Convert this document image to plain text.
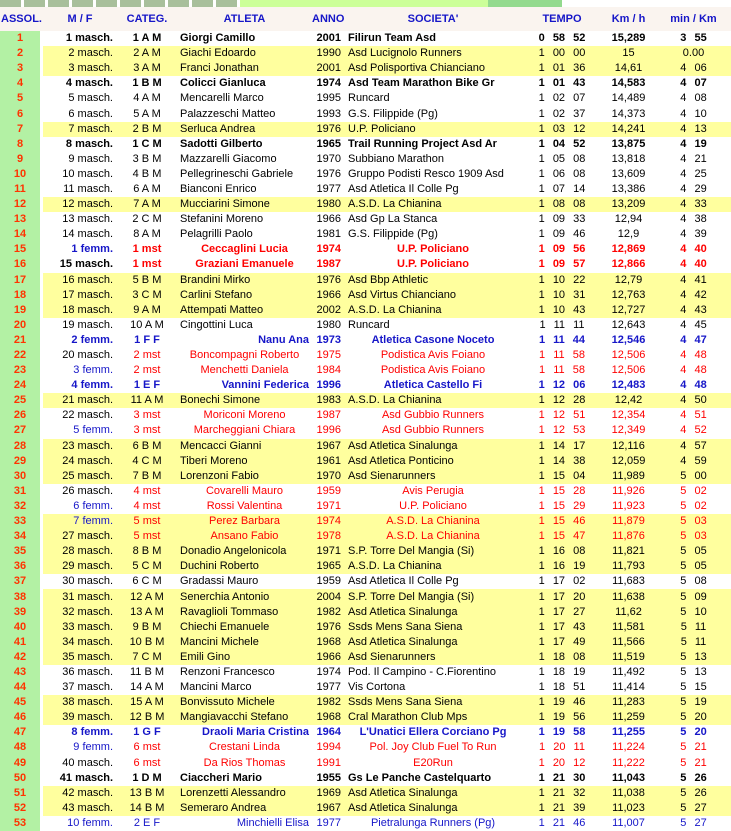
ASSOL.	M / F	CATEG.	ATLETA	ANNO	SOCIETA'	TEMPO	Km / h	min / Km
1	1 masch.	1 A M	Giorgi Camillo	2001 Filirun Team Asd	0 58 52	15,289	3 55
2	2 masch.	2 A M	Giachi Edoardo	1990 Asd Lucignolo Runners	1 00 00	15	0.00
3	3 masch.	3 A M	Franci Jonathan	2001 Asd Polisportiva Chianciano	1 01 36	14,61	4 06
4	4 masch.	1 B M	Colicci Gianluca	1974 Asd Team Marathon Bike Gr	1 01 43	14,583	4 07
5	5 masch.	4 A M	Mencarelli Marco	1995 Runcard	1 02 07	14,489	4 08
6	6 masch.	5 A M	Palazzeschi Matteo	1993 G.S. Filippide (Pg)	1 02 37	14,373	4 10
7	7 masch.	2 B M	Serluca Andrea	1976 U.P. Policiano	1 03 12	14,241	4 13
8	8 masch.	1 C M	Sadotti Gilberto	1965 Trail Running Project Asd Ar	1 04 52	13,875	4 19
9	9 masch.	3 B M	Mazzarelli Giacomo	1970 Subbiano Marathon	1 05 08	13,818	4 21
10	10 masch.	4 B M	Pellegrineschi Gabriele	1976 Gruppo Podisti Resco 1909 Asd	1 06 08	13,609	4 25
11	11 masch.	6 A M	Bianconi Enrico	1977 Asd Atletica Il Colle Pg	1 07 14	13,386	4 29
12	12 masch.	7 A M	Mucciarini Simone	1980 A.S.D. La Chianina	1 08 08	13,209	4 33
13	13 masch.	2 C M	Stefanini Moreno	1966 Asd Gp La Stanca	1 09 33	12,94	4 38
14	14 masch.	8 A M	Pelagrilli Paolo	1981 G.S. Filippide (Pg)	1 09 46	12,9	4 39
15	1 femm.	1 mst	Ceccaglini Lucia	1974	U.P. Policiano	1 09 56	12,869	4 40
16	15 masch.	1 mst	Graziani Emanuele	1987	U.P. Policiano	1 09 57	12,866	4 40
17	16 masch.	5 B M	Brandini Mirko	1976 Asd Bbp Athletic	1 10 22	12,79	4 41
18	17 masch.	3 C M	Carlini Stefano	1966 Asd Virtus Chianciano	1 10 31	12,763	4 42
19	18 masch.	9 A M	Attempati Matteo	2002 A.S.D. La Chianina	1 10 43	12,727	4 43
20	19 masch.	10 A M	Cingottini Luca	1980 Runcard	1 11 11	12,643	4 45
21	2 femm.	1 F F	Nanu Ana 1973	Atletica Casone Noceto	1 11 44	12,546	4 47
22	20 masch.	2 mst	Boncompagni Roberto	1975	Podistica Avis Foiano	1 11 58	12,506	4 48
23	3 femm.	2 mst	Menchetti Daniela	1984	Podistica Avis Foiano	1 11 58	12,506	4 48
24	4 femm.	1 E F	Vannini Federica 1996	Atletica Castello Fi	1 12 06	12,483	4 48
25	21 masch.	11 A M	Bonechi Simone	1983 A.S.D. La Chianina	1 12 28	12,42	4 50
26	22 masch.	3 mst	Moriconi Moreno	1987	Asd Gubbio Runners	1 12 51	12,354	4 51
27	5 femm.	3 mst	Marcheggiani Chiara	1996	Asd Gubbio Runners	1 12 53	12,349	4 52
28	23 masch.	6 B M	Mencacci Gianni	1967 Asd Atletica Sinalunga	1 14 17	12,116	4 57
29	24 masch.	4 C M	Tiberi Moreno	1961 Asd Atletica Ponticino	1 14 38	12,059	4 59
30	25 masch.	7 B M	Lorenzoni Fabio	1970 Asd Sienarunners	1 15 04	11,989	5 00
31	26 masch.	4 mst	Covarelli Mauro	1959	Avis Perugia	1 15 28	11,926	5 02
32	6 femm.	4 mst	Rossi Valentina	1971	U.P. Policiano	1 15 29	11,923	5 02
33	7 femm.	5 mst	Perez Barbara	1974	A.S.D. La Chianina	1 15 46	11,879	5 03
34	27 masch.	5 mst	Ansano Fabio	1978	A.S.D. La Chianina	1 15 47	11,876	5 03
35	28 masch.	8 B M	Donadio Angelonicola	1971 S.P. Torre Del Mangia (Si)	1 16 08	11,821	5 05
36	29 masch.	5 C M	Duchini Roberto	1965 A.S.D. La Chianina	1 16 19	11,793	5 05
37	30 masch.	6 C M	Gradassi Mauro	1959 Asd Atletica Il Colle Pg	1 17 02	11,683	5 08
38	31 masch.	12 A M	Senerchia Antonio	2004 S.P. Torre Del Mangia (Si)	1 17 20	11,638	5 09
39	32 masch.	13 A M	Ravaglioli Tommaso	1982 Asd Atletica Sinalunga	1 17 27	11,62	5 10
40	33 masch.	9 B M	Chiechi Emanuele	1976 Ssds Mens Sana Siena	1 17 43	11,581	5 11
41	34 masch.	10 B M	Mancini Michele	1968 Asd Atletica Sinalunga	1 17 49	11,566	5 11
42	35 masch.	7 C M	Emili Gino	1966 Asd Sienarunners	1 18 08	11,519	5 13
43	36 masch.	11 B M	Renzoni Francesco	1974 Pod. Il Campino - C.Fiorentino	1 18 19	11,492	5 13
44	37 masch.	14 A M	Mancini Marco	1977 Vis Cortona	1 18 51	11,414	5 15
45	38 masch.	15 A M	Bonvissuto Michele	1982 Ssds Mens Sana Siena	1 19 46	11,283	5 19
46	39 masch.	12 B M	Mangiavacchi Stefano	1968 Cral Marathon Club Mps	1 19 56	11,259	5 20
47	8 femm.	1 G F	Draoli Maria Cristina 1964	L'Unatici Ellera Corciano Pg	1 19 58	11,255	5 20
48	9 femm.	6 mst	Crestani Linda	1994	Pol. Joy Club Fuel To Run	1 20 11	11,224	5 21
49	40 masch.	6 mst	Da Rios Thomas	1991	E20Run	1 20 12	11,222	5 21
50	41 masch.	1 D M	Ciaccheri Mario	1955 Gs Le Panche Castelquarto	1 21 30	11,043	5 26
51	42 masch.	13 B M	Lorenzetti Alessandro	1969 Asd Atletica Sinalunga	1 21 32	11,038	5 26
52	43 masch.	14 B M	Semeraro Andrea	1967 Asd Atletica Sinalunga	1 21 39	11,023	5 27
53	10 femm.	2 E F	Minchielli Elisa 1977	Pietralunga Runners (Pg)	1 21 46	11,007	5 27
